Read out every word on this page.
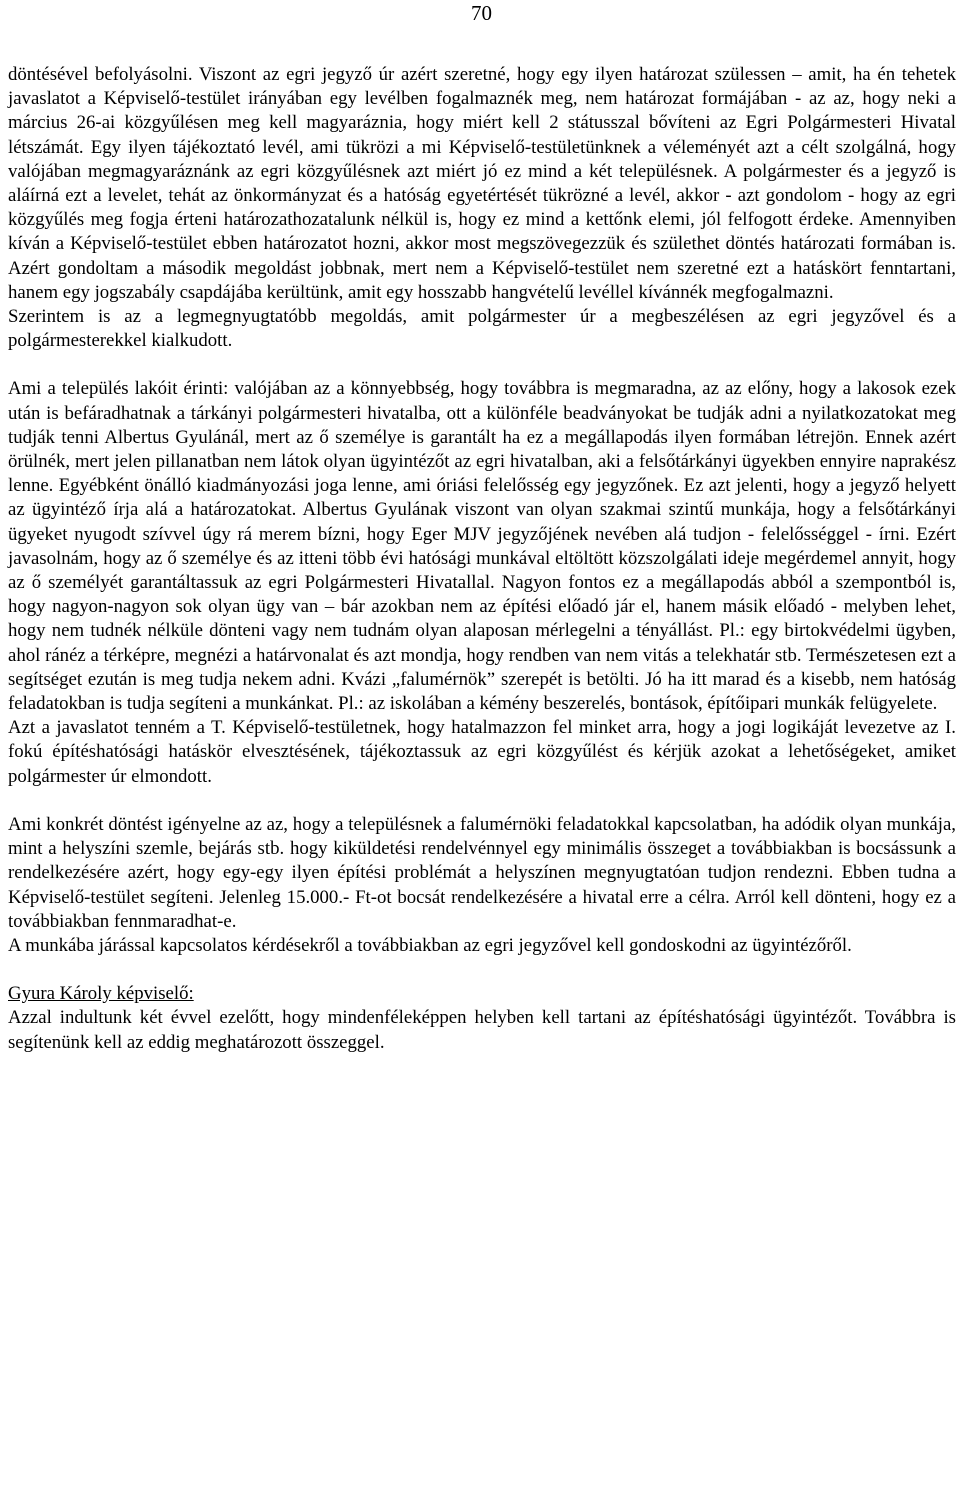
70

döntésével befolyásolni. Viszont az egri jegyző úr azért szeretné, hogy egy ilyen határozat szülessen – amit, ha én tehetek javaslatot a Képviselő-testület irányában egy levélben fogalmaznék meg, nem határozat formájában - az az, hogy neki a március 26-ai közgyűlésen meg kell magyaráznia, hogy miért kell 2 státusszal bővíteni az Egri Polgármesteri Hivatal létszámát. Egy ilyen tájékoztató levél, ami tükrözi a mi Képviselő-testületünknek a véleményét azt a célt szolgálná, hogy valójában megmagyaráznánk az egri közgyűlésnek azt miért jó ez mind a két településnek. A polgármester és a jegyző is aláírná ezt a levelet, tehát az önkormányzat és a hatóság egyetértését tükrözné a levél, akkor - azt gondolom - hogy az egri közgyűlés meg fogja érteni határozathozatalunk nélkül is, hogy ez mind a kettőnk elemi, jól felfogott érdeke. Amennyiben kíván a Képviselő-testület ebben határozatot hozni, akkor most megszövegezzük és születhet döntés határozati formában is. Azért gondoltam a második megoldást jobbnak, mert nem a Képviselő-testület nem szeretné ezt a hatáskört fenntartani, hanem egy jogszabály csapdájába kerültünk, amit egy hosszabb hangvételű levéllel kívánnék megfogalmazni.

Szerintem is az a legmegnyugtatóbb megoldás, amit polgármester úr a megbeszélésen az egri jegyzővel és a polgármesterekkel kialkudott.

Ami a település lakóit érinti: valójában az a könnyebbség, hogy továbbra is megmaradna, az az előny, hogy a lakosok ezek után is befáradhatnak a tárkányi polgármesteri hivatalba, ott a különféle beadványokat be tudják adni a nyilatkozatokat meg tudják tenni Albertus Gyulánál, mert az ő személye is garantált ha ez a megállapodás ilyen formában létrejön. Ennek azért örülnék, mert jelen pillanatban nem látok olyan ügyintézőt az egri hivatalban, aki a felsőtárkányi ügyekben ennyire naprakész lenne. Egyébként önálló kiadmányozási joga lenne, ami óriási felelősség egy jegyzőnek. Ez azt jelenti, hogy a jegyző helyett az ügyintéző írja alá a határozatokat. Albertus Gyulának viszont van olyan szakmai szintű munkája, hogy a felsőtárkányi ügyeket nyugodt szívvel úgy rá merem bízni, hogy Eger MJV jegyzőjének nevében alá tudjon - felelősséggel - írni. Ezért javasolnám, hogy az ő személye és az itteni több évi hatósági munkával eltöltött közszolgálati ideje megérdemel annyit, hogy az ő személyét garantáltassuk az egri Polgármesteri Hivatallal. Nagyon fontos ez a megállapodás abból a szempontból is, hogy nagyon-nagyon sok olyan ügy van – bár azokban nem az építési előadó jár el, hanem másik előadó - melyben lehet, hogy nem tudnék nélküle dönteni vagy nem tudnám olyan alaposan mérlegelni a tényállást. Pl.: egy birtokvédelmi ügyben, ahol ránéz a térképre, megnézi a határvonalat és azt mondja, hogy rendben van nem vitás a telekhatár stb. Természetesen ezt a segítséget ezután is meg tudja nekem adni. Kvázi „falumérnök” szerepét is betölti. Jó ha itt marad és a kisebb, nem hatóság feladatokban is tudja segíteni a munkánkat. Pl.: az iskolában a kémény beszerelés, bontások, építőipari munkák felügyelete.

Azt a javaslatot tenném a T. Képviselő-testületnek, hogy hatalmazzon fel minket arra, hogy a jogi logikáját levezetve az I. fokú építéshatósági hatáskör elvesztésének, tájékoztassuk az egri közgyűlést és kérjük azokat a lehetőségeket, amiket polgármester úr elmondott.

Ami konkrét döntést igényelne az az, hogy a településnek a falumérnöki feladatokkal kapcsolatban, ha adódik olyan munkája, mint a helyszíni szemle, bejárás stb. hogy kiküldetési rendelvénnyel egy minimális összeget a továbbiakban is bocsássunk a rendelkezésére azért, hogy egy-egy ilyen építési problémát a helyszínen megnyugtatóan tudjon rendezni. Ebben tudna a Képviselő-testület segíteni. Jelenleg 15.000.- Ft-ot bocsát rendelkezésére a hivatal erre a célra. Arról kell dönteni, hogy ez a továbbiakban fennmaradhat-e.

A munkába járással kapcsolatos kérdésekről a továbbiakban az egri jegyzővel kell gondoskodni az ügyintézőről.

Gyura Károly képviselő:

Azzal indultunk két évvel ezelőtt, hogy mindenféleképpen helyben kell tartani az építéshatósági ügyintézőt. Továbbra is segítenünk kell az eddig meghatározott összeggel.
